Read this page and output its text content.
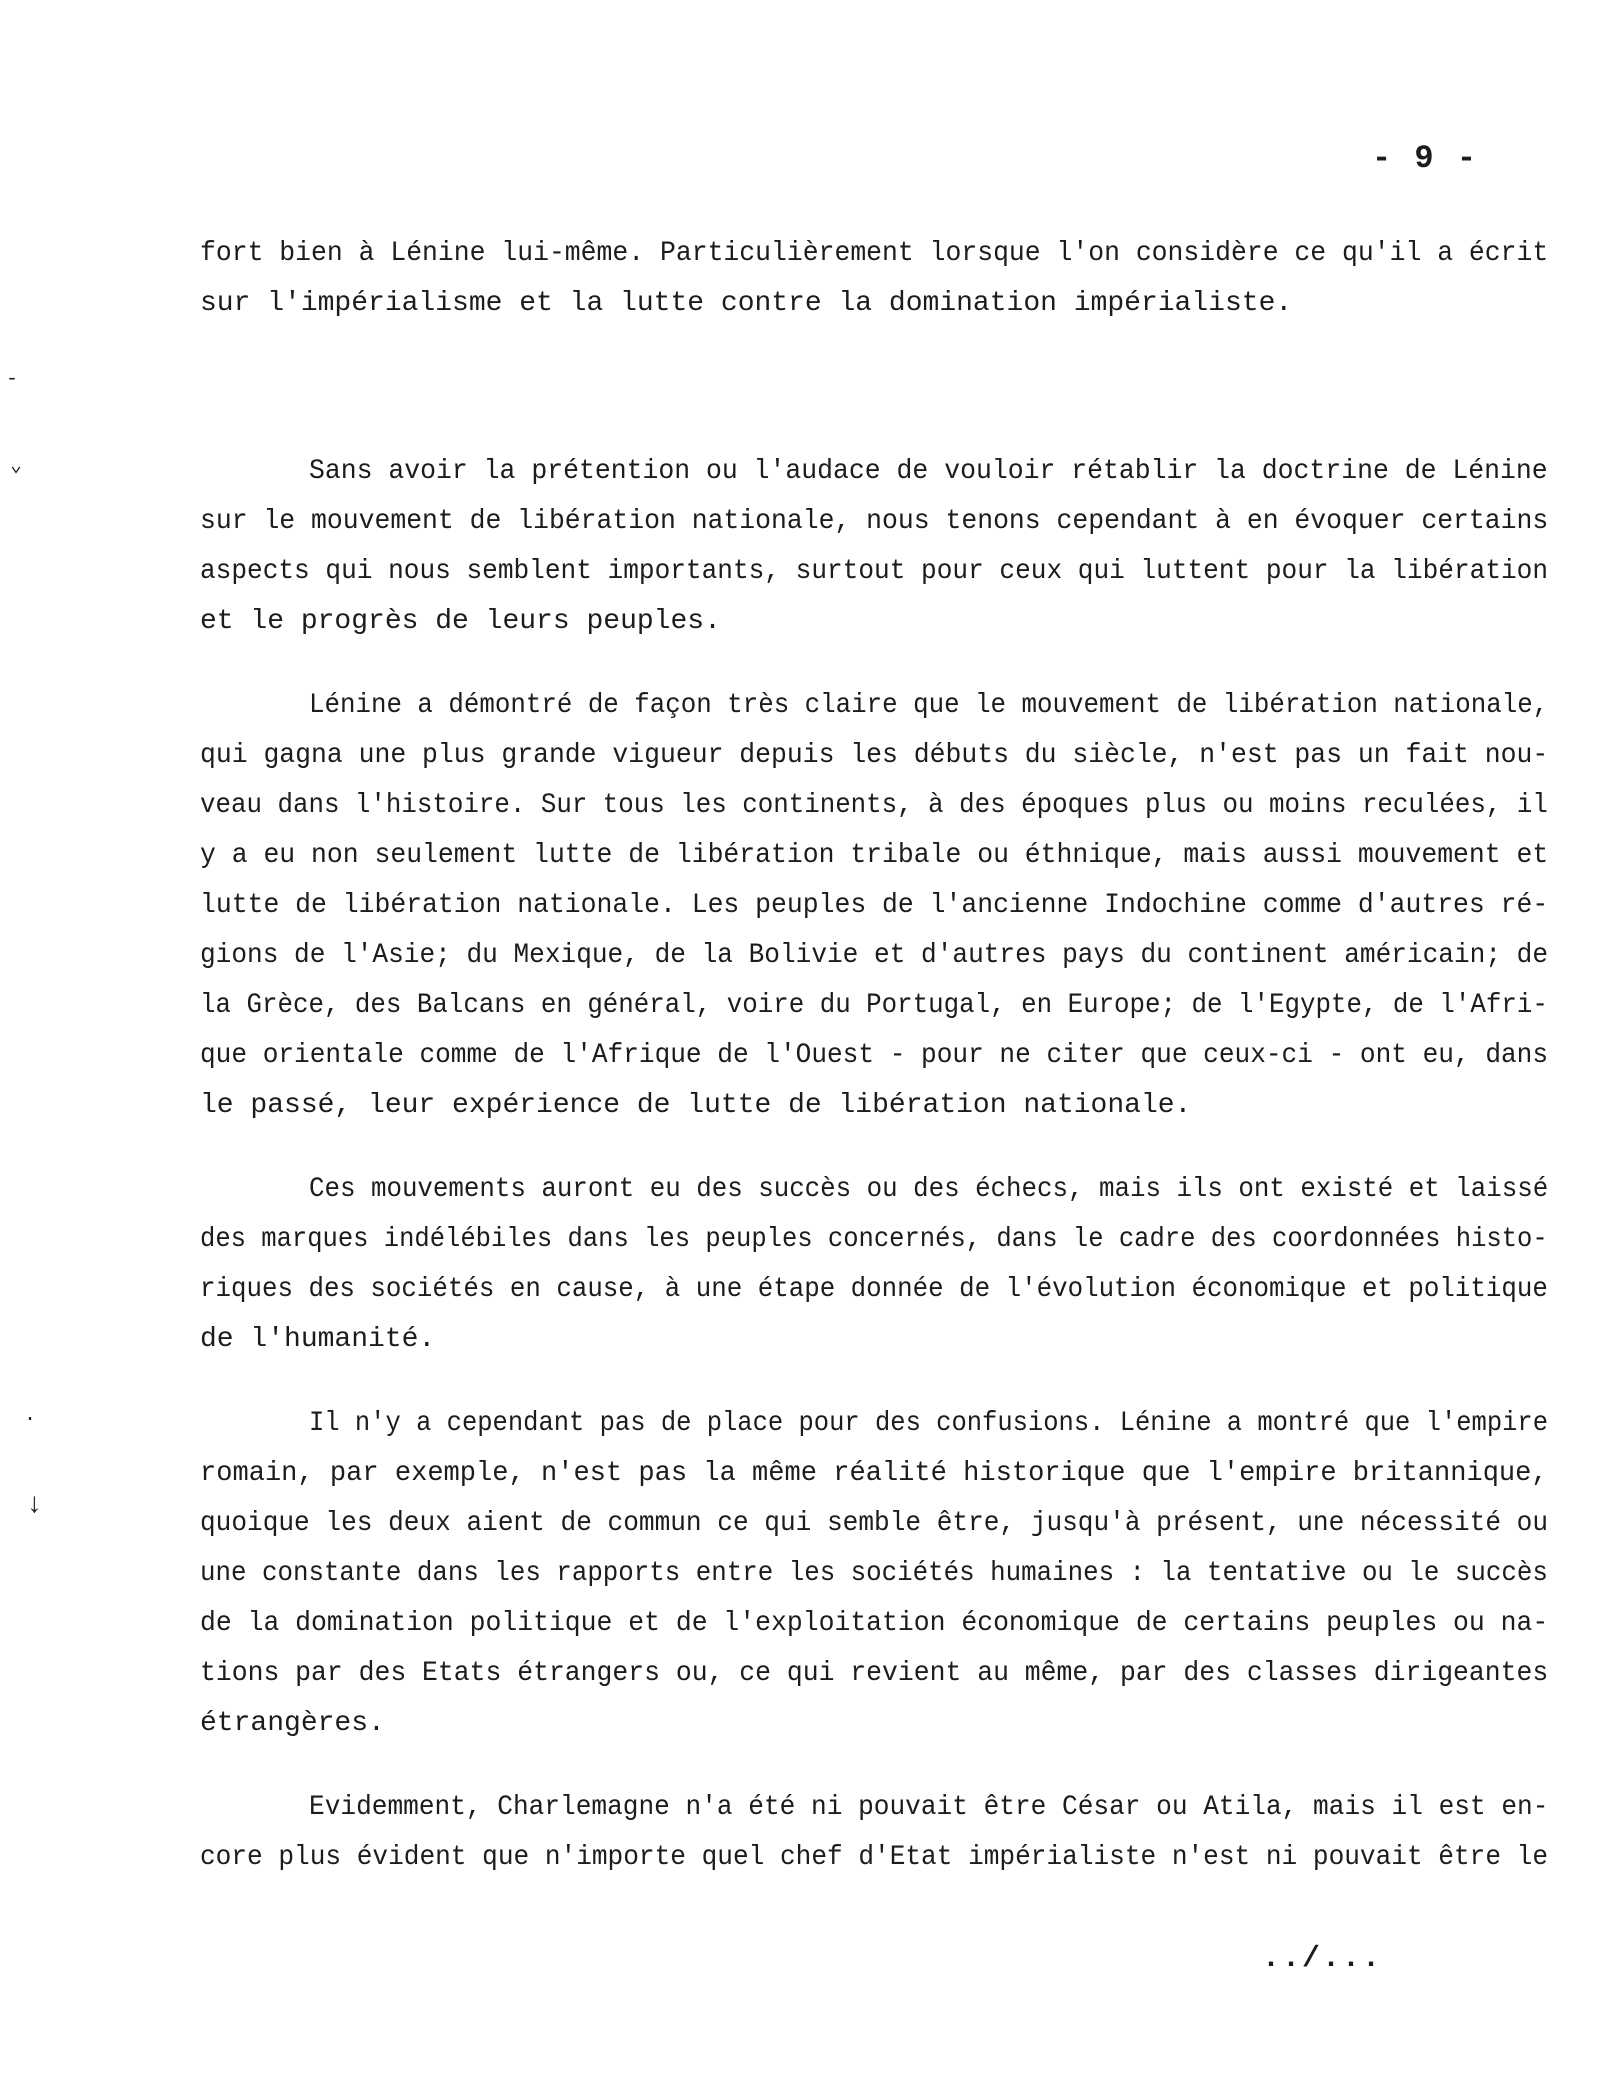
- 9 -
fort bien à Lénine lui-même. Particulièrement lorsque l'on considère ce qu'il a écrit
sur l'impérialisme et la lutte contre la domination impérialiste.
Sans avoir la prétention ou l'audace de vouloir rétablir la doctrine de Lénine
sur le mouvement de libération nationale, nous tenons cependant à en évoquer certains
aspects qui nous semblent importants, surtout pour ceux qui luttent pour la libération
et le progrès de leurs peuples.
Lénine a démontré de façon très claire que le mouvement de libération nationale,
qui gagna une plus grande vigueur depuis les débuts du siècle, n'est pas un fait nou-
veau dans l'histoire. Sur tous les continents, à des époques plus ou moins reculées, il
y a eu non seulement lutte de libération tribale ou éthnique, mais aussi mouvement et
lutte de libération nationale. Les peuples de l'ancienne Indochine comme d'autres ré-
gions de l'Asie; du Mexique, de la Bolivie et d'autres pays du continent américain; de
la Grèce, des Balcans en général, voire du Portugal, en Europe; de l'Egypte, de l'Afri-
que orientale comme de l'Afrique de l'Ouest - pour ne citer que ceux-ci - ont eu, dans
le passé, leur expérience de lutte de libération nationale.
Ces mouvements auront eu des succès ou des échecs, mais ils ont existé et laissé
des marques indélébiles dans les peuples concernés, dans le cadre des coordonnées histo-
riques des sociétés en cause, à une étape donnée de l'évolution économique et politique
de l'humanité.
Il n'y a cependant pas de place pour des confusions. Lénine a montré que l'empire
romain, par exemple, n'est pas la même réalité historique que l'empire britannique,
quoique les deux aient de commun ce qui semble être, jusqu'à présent, une nécessité ou
une constante dans les rapports entre les sociétés humaines : la tentative ou le succès
de la domination politique et de l'exploitation économique de certains peuples ou na-
tions par des Etats étrangers ou, ce qui revient au même, par des classes dirigeantes
étrangères.
Evidemment, Charlemagne n'a été ni pouvait être César ou Atila, mais il est en-
core plus évident que n'importe quel chef d'Etat impérialiste n'est ni pouvait être le
../...
-
⌄
·
↓
